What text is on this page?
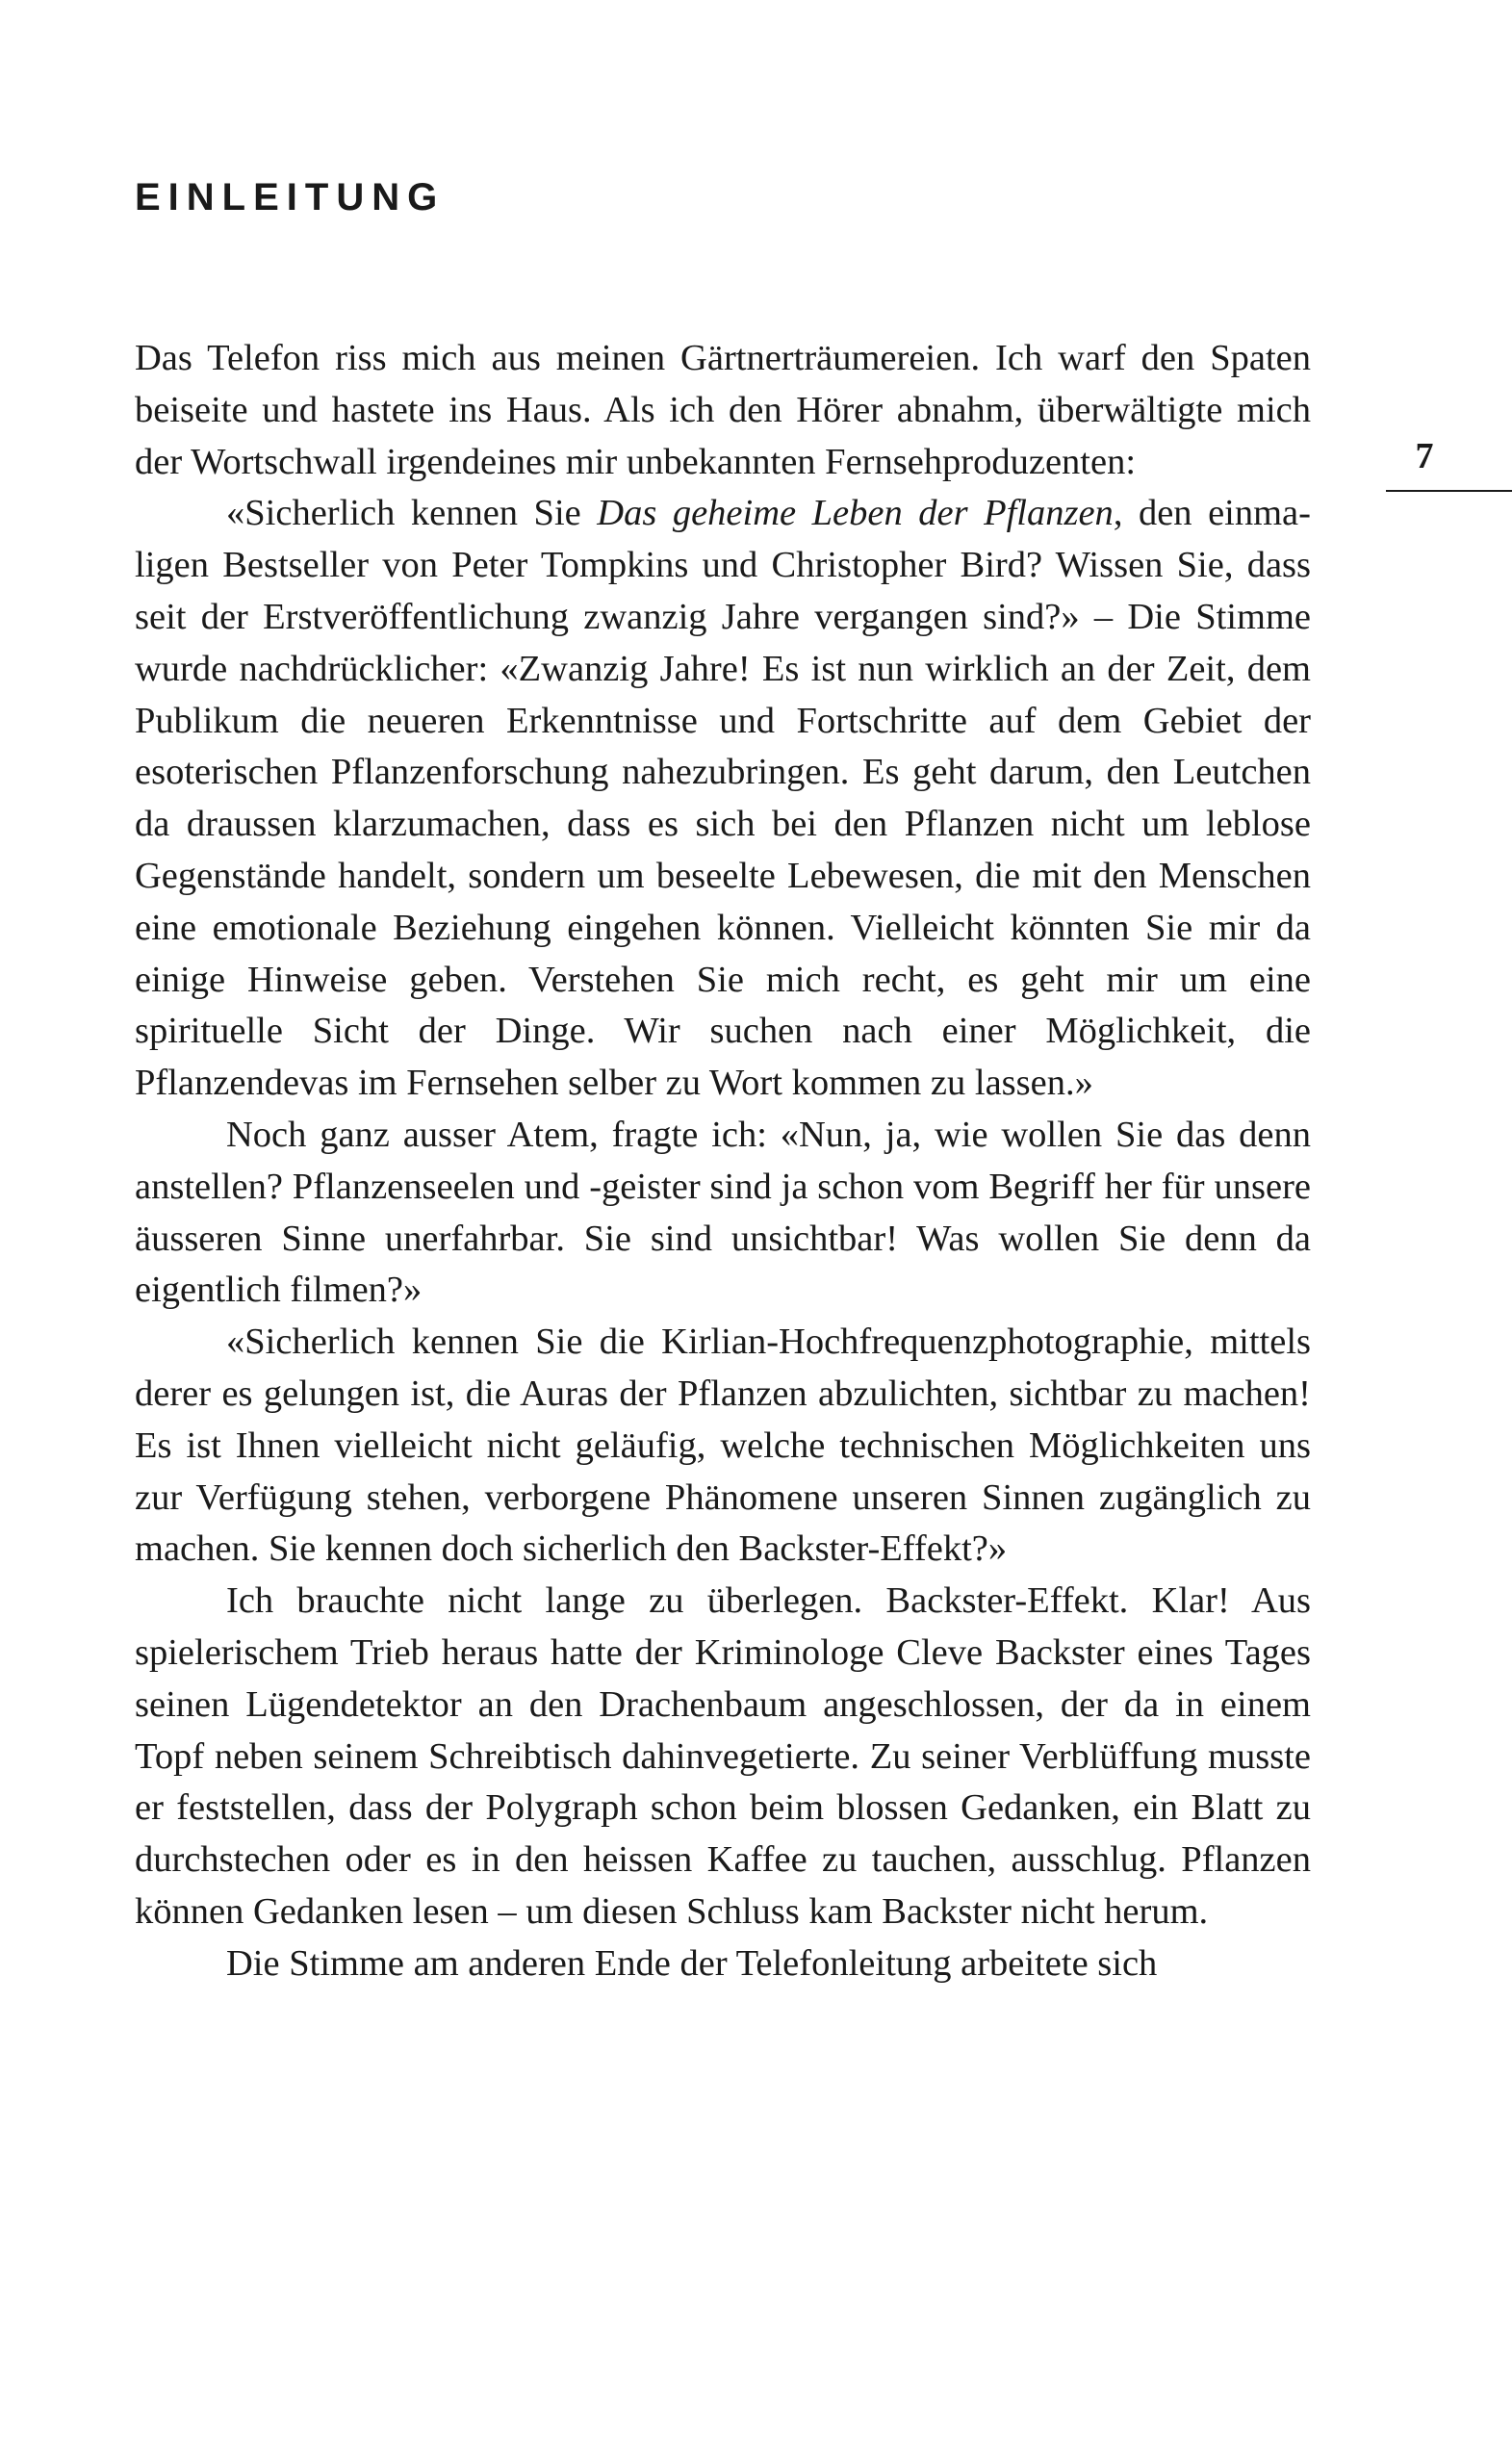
EINLEITUNG
7

Das Telefon riss mich aus meinen Gärtnerträumereien. Ich warf den Spaten beiseite und hastete ins Haus. Als ich den Hörer abnahm, überwältigte mich der Wortschwall irgendeines mir unbekannten Fernsehproduzenten:

«Sicherlich kennen Sie Das geheime Leben der Pflanzen, den einmaligen Bestseller von Peter Tompkins und Christopher Bird? Wissen Sie, dass seit der Erstveröffentlichung zwanzig Jahre vergangen sind?» – Die Stimme wurde nachdrücklicher: «Zwanzig Jahre! Es ist nun wirklich an der Zeit, dem Publikum die neueren Erkenntnisse und Fortschritte auf dem Gebiet der esoterischen Pflanzenforschung nahezubringen. Es geht darum, den Leutchen da draussen klarzumachen, dass es sich bei den Pflanzen nicht um leblose Gegenstände handelt, sondern um beseelte Lebewesen, die mit den Menschen eine emotionale Beziehung eingehen können. Vielleicht könnten Sie mir da einige Hinweise geben. Verstehen Sie mich recht, es geht mir um eine spirituelle Sicht der Dinge. Wir suchen nach einer Möglichkeit, die Pflanzendevas im Fernsehen selber zu Wort kommen zu lassen.»

Noch ganz ausser Atem, fragte ich: «Nun, ja, wie wollen Sie das denn anstellen? Pflanzenseelen und -geister sind ja schon vom Begriff her für unsere äusseren Sinne unerfahrbar. Sie sind unsichtbar! Was wollen Sie denn da eigentlich filmen?»

«Sicherlich kennen Sie die Kirlian-Hochfrequenzphotographie, mittels derer es gelungen ist, die Auras der Pflanzen abzulichten, sichtbar zu machen! Es ist Ihnen vielleicht nicht geläufig, welche technischen Möglichkeiten uns zur Verfügung stehen, verborgene Phänomene unseren Sinnen zugänglich zu machen. Sie kennen doch sicherlich den Backster-Effekt?»

Ich brauchte nicht lange zu überlegen. Backster-Effekt. Klar! Aus spielerischem Trieb heraus hatte der Kriminologe Cleve Backster eines Tages seinen Lügendetektor an den Drachenbaum angeschlossen, der da in einem Topf neben seinem Schreibtisch dahinvegetierte. Zu seiner Verblüffung musste er feststellen, dass der Polygraph schon beim blossen Gedanken, ein Blatt zu durchstechen oder es in den heissen Kaffee zu tauchen, ausschlug. Pflanzen können Gedanken lesen – um diesen Schluss kam Backster nicht herum.

Die Stimme am anderen Ende der Telefonleitung arbeitete sich
